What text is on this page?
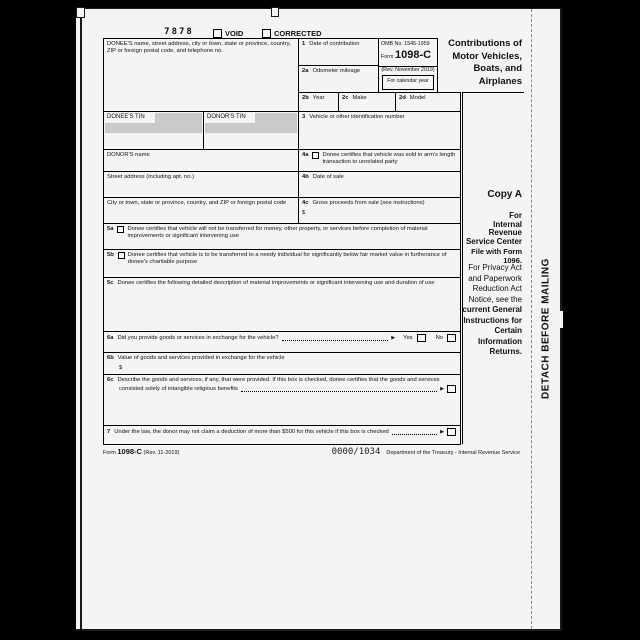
7878	VOID	CORRECTED
DONEE'S name, street address, city or town, state or province, country, ZIP or foreign postal code, and telephone no.
1 Date of contribution	OMB No. 1545-1959
Form 1098-C
(Rev. November 2019)
For calendar year
2a Odometer mileage
2b Year	2c Make	2d Model
DONEE'S TIN	DONOR'S TIN	3 Vehicle or other identification number
DONOR'S name	4a Donee certifies that vehicle was sold in arm's length transaction to unrelated party
Street address (including apt. no.)	4b Date of sale
City or town, state or province, country, and ZIP or foreign postal code	4c Gross proceeds from sale (see instructions)
$
5a Donee certifies that vehicle will not be transferred for money, other property, or services before completion of material improvements or significant intervening use
5b Donee certifies that vehicle is to be transferred to a needy individual for significantly below fair market value in furtherance of donee's charitable purpose
5c Donee certifies the following detailed description of material improvements or significant intervening use and duration of use
6a Did you provide goods or services in exchange for the vehicle?	▶ Yes	No
6b Value of goods and services provided in exchange for the vehicle
$
6c Describe the goods and services, if any, that were provided. If this box is checked, donee certifies that the goods and services
consisted solely of intangible religious benefits	▶
7 Under the law, the donor may not claim a deduction of more than $500 for this vehicle if this box is checked	▶
Contributions of
Motor Vehicles,
Boats, and
Airplanes
Copy A
For
Internal Revenue
Service Center
File with Form 1096.
For Privacy Act and Paperwork Reduction Act Notice, see the current General Instructions for Certain Information Returns. DETACH BEFORE MAILING
Form 1098-C (Rev. 11-2019)	Department of the Treasury - Internal Revenue Service
0000/1034
